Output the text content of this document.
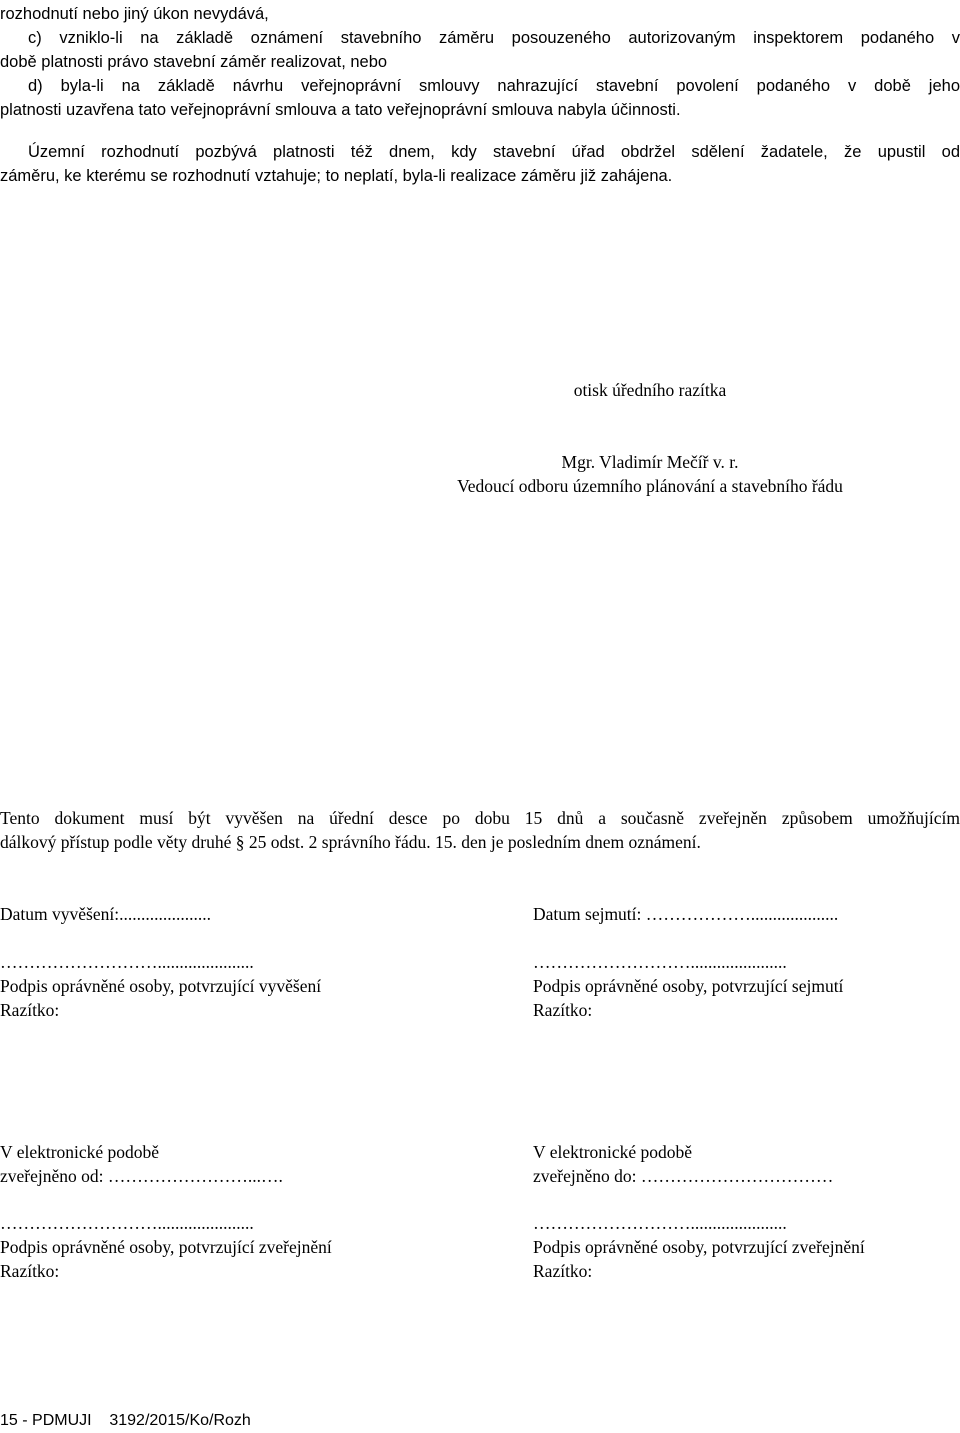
rozhodnutí nebo jiný úkon nevydává,
c) vzniklo-li na základě oznámení stavebního záměru posouzeného autorizovaným inspektorem podaného v
době platnosti právo stavební záměr realizovat, nebo
d) byla-li na základě návrhu veřejnoprávní smlouvy nahrazující stavební povolení podaného v době jeho
platnosti uzavřena tato veřejnoprávní smlouva a tato veřejnoprávní smlouva nabyla účinnosti.
Územní rozhodnutí pozbývá platnosti též dnem, kdy stavební úřad obdržel sdělení žadatele, že upustil od
záměru, ke kterému se rozhodnutí vztahuje; to neplatí, byla-li realizace záměru již zahájena.
otisk úředního razítka
Mgr. Vladimír Mečíř v. r.
Vedoucí odboru územního plánování a stavebního řádu
Tento dokument musí být vyvěšen na úřední desce po dobu 15 dnů a současně zveřejněn způsobem umožňujícím
dálkový přístup podle věty druhé § 25 odst. 2 správního řádu. 15. den je posledním dnem oznámení.
Datum vyvěšení:.....................
………………………......................
Podpis oprávněné osoby, potvrzující vyvěšení
Razítko:
Datum sejmutí: ………………....................
………………………......................
Podpis oprávněné osoby, potvrzující sejmutí
Razítko:
V elektronické podobě
zveřejněno od: ……………………...….
………………………......................
Podpis oprávněné osoby, potvrzující zveřejnění
Razítko:
V elektronické podobě
zveřejněno do: ……………………………
………………………......................
Podpis oprávněné osoby, potvrzující zveřejnění
Razítko:
15 - PDMUJI 3192/2015/Ko/Rozh
